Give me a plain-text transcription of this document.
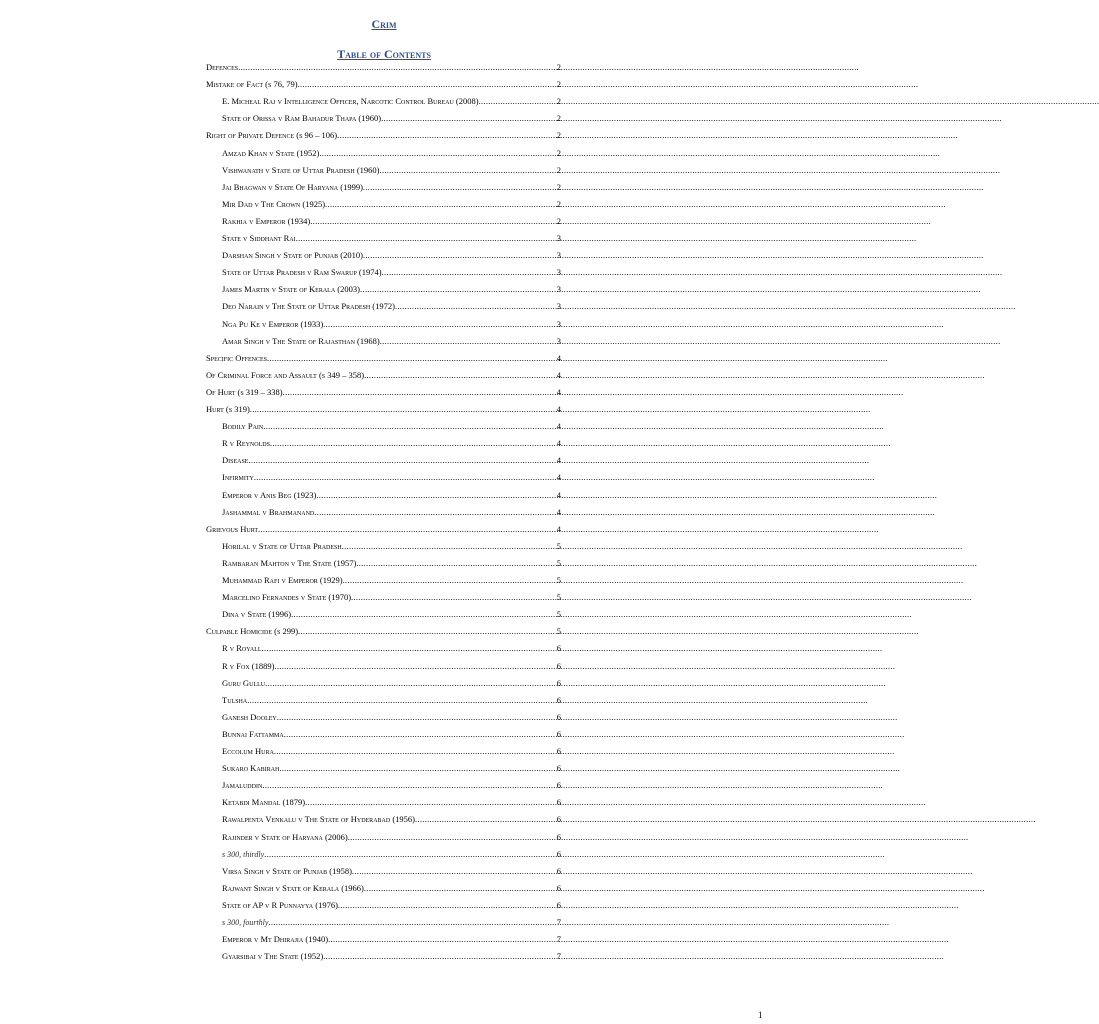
Crim
Table of Contents
Defences .....	2
Mistake of Fact (s 76, 79) .....	2
E. Micheal Raj v Intelligence Officer, Narcotic Control Bureau (2008) .....	2
State of Orissa v Ram Bahadur Thapa (1960) .....	2
Right of Private Defence (s 96 – 106) .....	2
Amzad Khan v State (1952) .....	2
Vishwanath v State of Uttar Pradesh (1960) .....	2
Jai Bhagwan v State Of Haryana (1999) .....	2
Mir Dad v The Crown (1925) .....	2
Rakhia v Emperor (1934) .....	2
State v Siddhant Rai .....	3
Darshan Singh v State of Punjab (2010) .....	3
State of Uttar Pradesh v Ram Swarup (1974) .....	3
James Martin v State of Kerala (2003) .....	3
Deo Narain v The State of Uttar Pradesh (1972) .....	3
Nga Pu Ke v Emperor (1933) .....	3
Amar Singh v The State of Rajasthan (1968) .....	3
Specific Offences .....	4
Of Criminal Force and Assault (s 349 – 358) .....	4
Of Hurt (s 319 – 338) .....	4
Hurt (s 319) .....	4
Bodily Pain .....	4
R v Reynolds .....	4
Disease .....	4
Infirmity .....	4
Emperor v Anis Beg (1923) .....	4
Jashammal v Brahmanand .....	4
Grievous Hurt .....	4
Horilal v State of Uttar Pradesh .....	5
Rambaran Mahton v The State (1957) .....	5
Muhammad Rafi v Emperor (1929) .....	5
Marcelino Fernandes v State (1970) .....	5
Dina v State (1996) .....	5
Culpable Homicide (s 299) .....	5
R v Royall .....	6
R v Fox (1889) .....	6
Guru Gullu .....	6
Tulsha .....	6
Ganesh Dooley .....	6
Bunnai Fattamma .....	6
Eccolum Hura .....	6
Sukaro Kabirah .....	6
Jamaluddin .....	6
Ketabdi Mandal (1879) .....	6
Rawalpenta Venkalu v The State of Hyderabad (1956) .....	6
Rajinder v State of Haryana (2006) .....	6
s 300, thirdly .....	6
Virsa Singh v State of Punjab (1958) .....	6
Rajwant Singh v State of Kerala (1966) .....	6
State of AP v R Punnayya (1976) .....	6
s 300, fourthly .....	7
Emperor v Mt Dhirajia (1940) .....	7
Gyarsibai v The State (1952) .....	7
1
